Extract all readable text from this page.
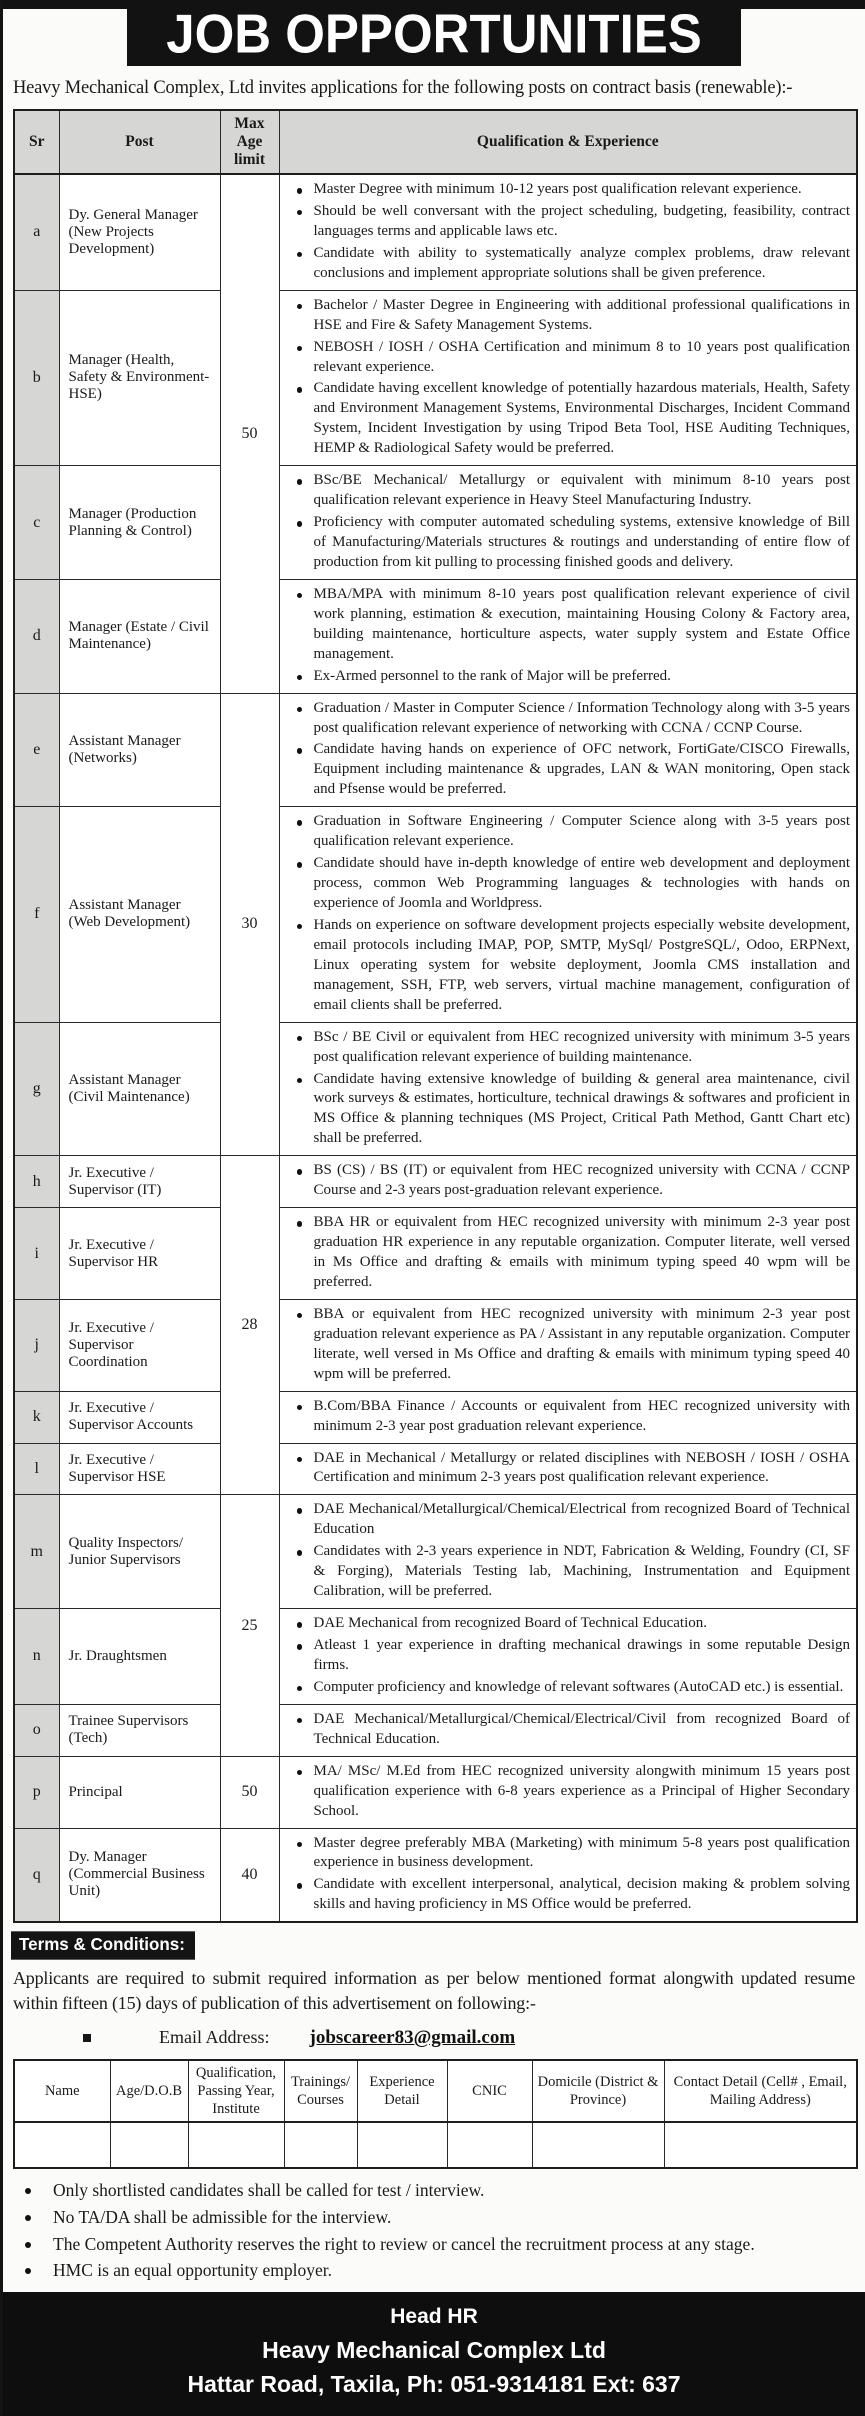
JOB OPPORTUNITIES

Heavy Mechanical Complex, Ltd invites applications for the following posts on contract basis (renewable):-

Sr	Post	Max Age limit	Qualification & Experience
a	Dy. General Manager (New Projects Development)	50	
Master Degree with minimum 10-12 years post qualification relevant experience.
Should be well conversant with the project scheduling, budgeting, feasibility, contract languages terms and applicable laws etc.
Candidate with ability to systematically analyze complex problems, draw relevant conclusions and implement appropriate solutions shall be given preference.

b	Manager (Health, Safety & Environment- HSE)	
Bachelor / Master Degree in Engineering with additional professional qualifications in HSE and Fire & Safety Management Systems.
NEBOSH / IOSH / OSHA Certification and minimum 8 to 10 years post qualification relevant experience.
Candidate having excellent knowledge of potentially hazardous materials, Health, Safety and Environment Management Systems, Environmental Discharges, Incident Command System, Incident Investigation by using Tripod Beta Tool, HSE Auditing Techniques, HEMP & Radiological Safety would be preferred.

c	Manager (Production Planning & Control)	
BSc/BE Mechanical/ Metallurgy or equivalent with minimum 8-10 years post qualification relevant experience in Heavy Steel Manufacturing Industry.
Proficiency with computer automated scheduling systems, extensive knowledge of Bill of Manufacturing/Materials structures & routings and understanding of entire flow of production from kit pulling to processing finished goods and delivery.

d	Manager (Estate / Civil Maintenance)	
MBA/MPA with minimum 8-10 years post qualification relevant experience of civil work planning, estimation & execution, maintaining Housing Colony & Factory area, building maintenance, horticulture aspects, water supply system and Estate Office management.
Ex-Armed personnel to the rank of Major will be preferred.

e	Assistant Manager (Networks)	30	
Graduation / Master in Computer Science / Information Technology along with 3-5 years post qualification relevant experience of networking with CCNA / CCNP Course.
Candidate having hands on experience of OFC network, FortiGate/CISCO Firewalls, Equipment including maintenance & upgrades, LAN & WAN monitoring, Open stack and Pfsense would be preferred.

f	Assistant Manager (Web Development)	
Graduation in Software Engineering / Computer Science along with 3-5 years post qualification relevant experience.
Candidate should have in-depth knowledge of entire web development and deployment process, common Web Programming languages & technologies with hands on experience of Joomla and Worldpress.
Hands on experience on software development projects especially website development, email protocols including IMAP, POP, SMTP, MySql/ PostgreSQL/, Odoo, ERPNext, Linux operating system for website deployment, Joomla CMS installation and management, SSH, FTP, web servers, virtual machine management, configuration of email clients shall be preferred.

g	Assistant Manager (Civil Maintenance)	
BSc / BE Civil or equivalent from HEC recognized university with minimum 3-5 years post qualification relevant experience of building maintenance.
Candidate having extensive knowledge of building & general area maintenance, civil work surveys & estimates, horticulture, technical drawings & softwares and proficient in MS Office & planning techniques (MS Project, Critical Path Method, Gantt Chart etc) shall be preferred.

h	Jr. Executive / Supervisor (IT)	28	
BS (CS) / BS (IT) or equivalent from HEC recognized university with CCNA / CCNP Course and 2-3 years post-graduation relevant experience.

i	Jr. Executive / Supervisor HR	
BBA HR or equivalent from HEC recognized university with minimum 2-3 year post graduation HR experience in any reputable organization. Computer literate, well versed in Ms Office and drafting & emails with minimum typing speed 40 wpm will be preferred.

j	Jr. Executive / Supervisor Coordination	
BBA or equivalent from HEC recognized university with minimum 2-3 year post graduation relevant experience as PA / Assistant in any reputable organization. Computer literate, well versed in Ms Office and drafting & emails with minimum typing speed 40 wpm will be preferred.

k	Jr. Executive / Supervisor Accounts	
B.Com/BBA Finance / Accounts or equivalent from HEC recognized university with minimum 2-3 year post graduation relevant experience.

l	Jr. Executive / Supervisor HSE	
DAE in Mechanical / Metallurgy or related disciplines with NEBOSH / IOSH / OSHA Certification and minimum 2-3 years post qualification relevant experience.

m	Quality Inspectors/ Junior Supervisors	25	
DAE Mechanical/Metallurgical/Chemical/Electrical from recognized Board of Technical Education
Candidates with 2-3 years experience in NDT, Fabrication & Welding, Foundry (CI, SF & Forging), Materials Testing lab, Machining, Instrumentation and Equipment Calibration, will be preferred.

n	Jr. Draughtsmen	
DAE Mechanical from recognized Board of Technical Education.
Atleast 1 year experience in drafting mechanical drawings in some reputable Design firms.
Computer proficiency and knowledge of relevant softwares (AutoCAD etc.) is essential.

o	Trainee Supervisors (Tech)	
DAE Mechanical/Metallurgical/Chemical/Electrical/Civil from recognized Board of Technical Education.

p	Principal	50	
MA/ MSc/ M.Ed from HEC recognized university alongwith minimum 15 years post qualification experience with 6-8 years experience as a Principal of Higher Secondary School.

q	Dy. Manager (Commercial Business Unit)	40	
Master degree preferably MBA (Marketing) with minimum 5-8 years post qualification experience in business development.
Candidate with excellent interpersonal, analytical, decision making & problem solving skills and having proficiency in MS Office would be preferred.
Terms & Conditions:

Applicants are required to submit required information as per below mentioned format alongwith updated resume within fifteen (15) days of publication of this advertisement on following:-

Email Address: jobscareer83@gmail.com
Name	Age/D.O.B	Qualification, Passing Year, Institute	Trainings/ Courses	Experience Detail	CNIC	Domicile (District & Province)	Contact Detail (Cell# , Email, Mailing Address)

Only shortlisted candidates shall be called for test / interview.
No TA/DA shall be admissible for the interview.
The Competent Authority reserves the right to review or cancel the recruitment process at any stage.
HMC is an equal opportunity employer.
Head HR
Heavy Mechanical Complex Ltd
Hattar Road, Taxila, Ph: 051-9314181 Ext: 637
